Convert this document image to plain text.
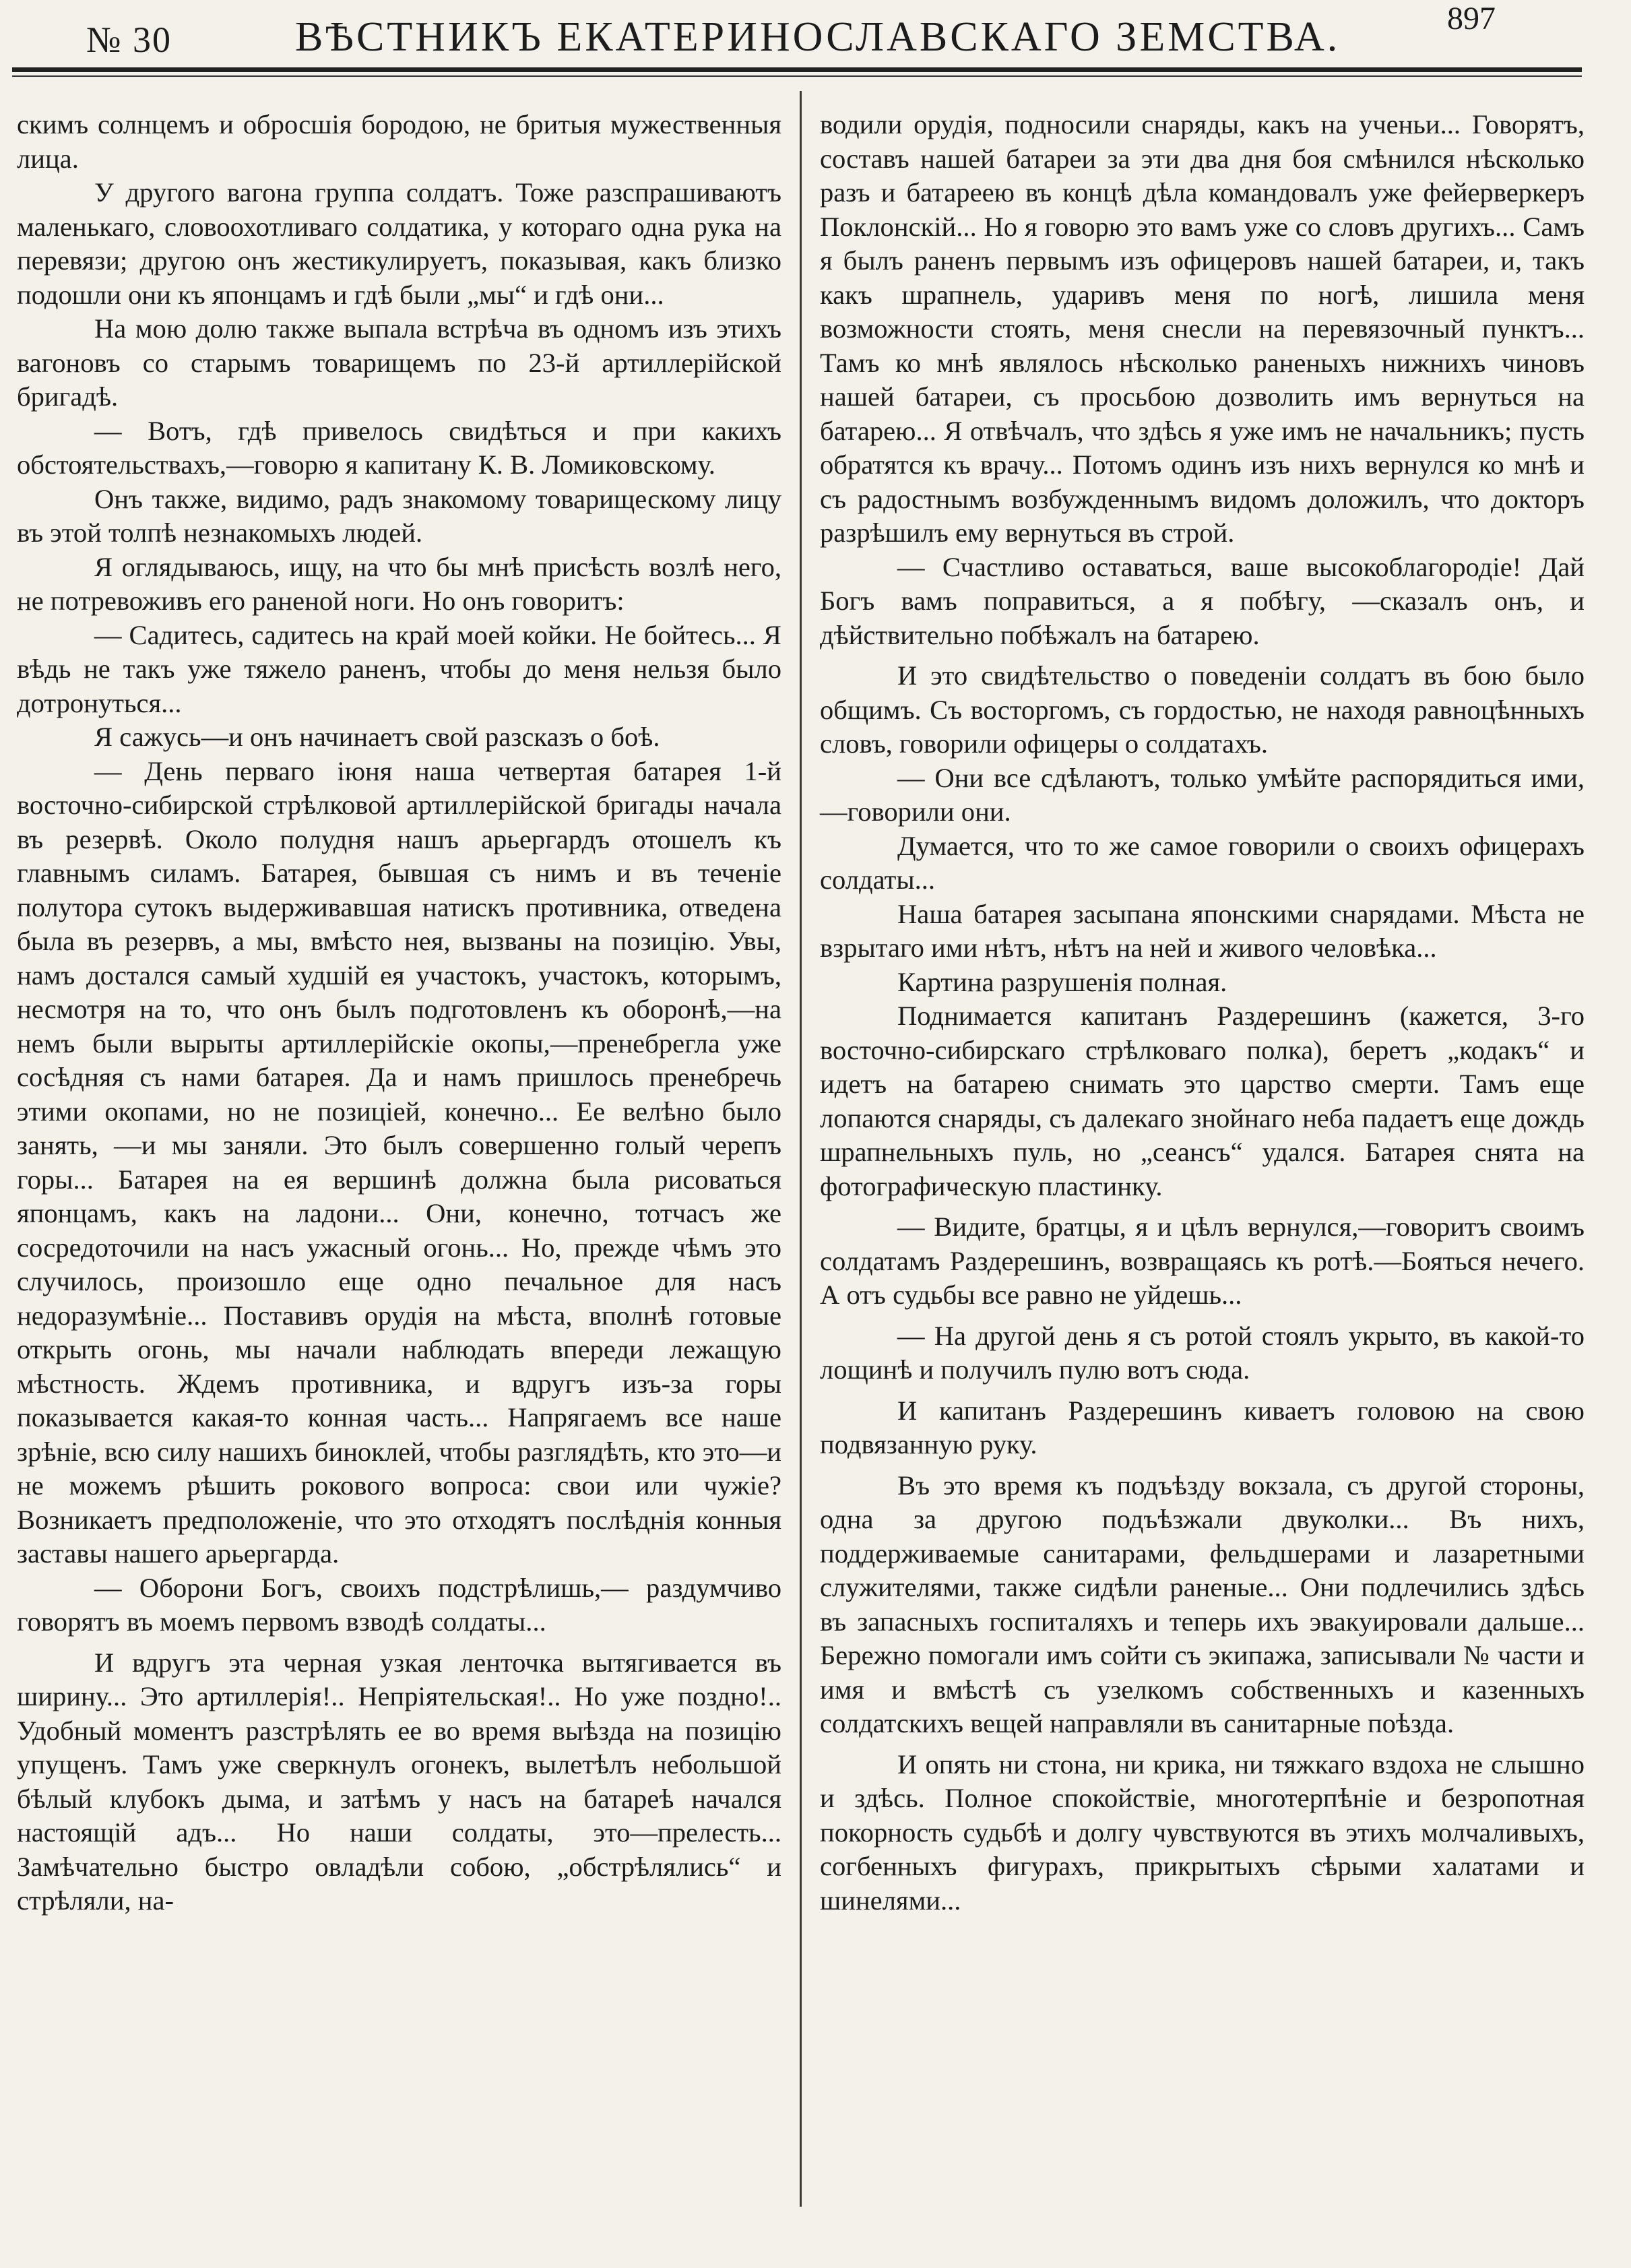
№ 30	ВѢСТНИКЪ ЕКАТЕРИНОСЛАВСКАГО ЗЕМСТВА.	897

скимъ солнцемъ и обросшія бородою, не бритыя мужественныя лица.

У другого вагона группа солдатъ. Тоже разспрашиваютъ маленькаго, словоохотливаго солдатика, у котораго одна рука на перевязи; другою онъ жестикулируетъ, показывая, какъ близко подошли они къ японцамъ и гдѣ были „мы“ и гдѣ они...

На мою долю также выпала встрѣча въ одномъ изъ этихъ вагоновъ со старымъ товарищемъ по 23-й артиллерійской бригадѣ.

— Вотъ, гдѣ привелось свидѣться и при какихъ обстоятельствахъ,—говорю я капитану К. В. Ломиковскому.

Онъ также, видимо, радъ знакомому товарищескому лицу въ этой толпѣ незнакомыхъ людей.

Я оглядываюсь, ищу, на что бы мнѣ присѣсть возлѣ него, не потревоживъ его раненой ноги. Но онъ говоритъ:

— Садитесь, садитесь на край моей койки. Не бойтесь... Я вѣдь не такъ уже тяжело раненъ, чтобы до меня нельзя было дотронуться...

Я сажусь—и онъ начинаетъ свой разсказъ о боѣ.

— День перваго іюня наша четвертая батарея 1-й восточно-сибирской стрѣлковой артиллерійской бригады начала въ резервѣ. Около полудня нашъ арьергардъ отошелъ къ главнымъ силамъ. Батарея, бывшая съ нимъ и въ теченіе полутора сутокъ выдерживавшая натискъ противника, отведена была въ резервъ, а мы, вмѣсто нея, вызваны на позицію. Увы, намъ достался самый худшій ея участокъ, участокъ, которымъ, несмотря на то, что онъ былъ подготовленъ къ оборонѣ,—на немъ были вырыты артиллерійскіе окопы,—пренебрегла уже сосѣдняя съ нами батарея. Да и намъ пришлось пренебречь этими окопами, но не позиціей, конечно... Ее велѣно было занять, —и мы заняли. Это былъ совершенно голый черепъ горы... Батарея на ея вершинѣ должна была рисоваться японцамъ, какъ на ладони... Они, конечно, тотчасъ же сосредоточили на насъ ужасный огонь... Но, прежде чѣмъ это случилось, произошло еще одно печальное для насъ недоразумѣніе... Поставивъ орудія на мѣста, вполнѣ готовые открыть огонь, мы начали наблюдать впереди лежащую мѣстность. Ждемъ противника, и вдругъ изъ-за горы показывается какая-то конная часть... Напрягаемъ все наше зрѣніе, всю силу нашихъ биноклей, чтобы разглядѣть, кто это—и не можемъ рѣшить рокового вопроса: свои или чужіе? Возникаетъ предположеніе, что это отходятъ послѣднія конныя заставы нашего арьергарда.

— Оборони Богъ, своихъ подстрѣлишь,— раздумчиво говорятъ въ моемъ первомъ взводѣ солдаты...

И вдругъ эта черная узкая ленточка вытягивается въ ширину... Это артиллерія!.. Непріятельская!.. Но уже поздно!.. Удобный моментъ разстрѣлять ее во время выѣзда на позицію упущенъ. Тамъ уже сверкнулъ огонекъ, вылетѣлъ небольшой бѣлый клубокъ дыма, и затѣмъ у насъ на батареѣ начался настоящій адъ... Но наши солдаты, это—прелесть... Замѣчательно быстро овладѣли собою, „обстрѣлялись“ и стрѣляли, на-

водили орудія, подносили снаряды, какъ на ученьи... Говорятъ, составъ нашей батареи за эти два дня боя смѣнился нѣсколько разъ и батареею въ концѣ дѣла командовалъ уже фейерверкеръ Поклонскій... Но я говорю это вамъ уже со словъ другихъ... Самъ я былъ раненъ первымъ изъ офицеровъ нашей батареи, и, такъ какъ шрапнель, ударивъ меня по ногѣ, лишила меня возможности стоять, меня снесли на перевязочный пунктъ... Тамъ ко мнѣ являлось нѣсколько раненыхъ нижнихъ чиновъ нашей батареи, съ просьбою дозволить имъ вернуться на батарею... Я отвѣчалъ, что здѣсь я уже имъ не начальникъ; пусть обратятся къ врачу... Потомъ одинъ изъ нихъ вернулся ко мнѣ и съ радостнымъ возбужденнымъ видомъ доложилъ, что докторъ разрѣшилъ ему вернуться въ строй.

— Счастливо оставаться, ваше высокоблагородіе! Дай Богъ вамъ поправиться, а я побѣгу, —сказалъ онъ, и дѣйствительно побѣжалъ на батарею.

И это свидѣтельство о поведеніи солдатъ въ бою было общимъ. Съ восторгомъ, съ гордостью, не находя равноцѣнныхъ словъ, говорили офицеры о солдатахъ.

— Они все сдѣлаютъ, только умѣйте распорядиться ими,—говорили они.

Думается, что то же самое говорили о своихъ офицерахъ солдаты...

Наша батарея засыпана японскими снарядами. Мѣста не взрытаго ими нѣтъ, нѣтъ на ней и живого человѣка...

Картина разрушенія полная.

Поднимается капитанъ Раздерешинъ (кажется, 3-го восточно-сибирскаго стрѣлковаго полка), беретъ „кодакъ“ и идетъ на батарею снимать это царство смерти. Тамъ еще лопаются снаряды, съ далекаго знойнаго неба падаетъ еще дождь шрапнельныхъ пуль, но „сеансъ“ удался. Батарея снята на фотографическую пластинку.

— Видите, братцы, я и цѣлъ вернулся,—говоритъ своимъ солдатамъ Раздерешинъ, возвращаясь къ ротѣ.—Бояться нечего. А отъ судьбы все равно не уйдешь...

— На другой день я съ ротой стоялъ укрыто, въ какой-то лощинѣ и получилъ пулю вотъ сюда.

И капитанъ Раздерешинъ киваетъ головою на свою подвязанную руку.

Въ это время къ подъѣзду вокзала, съ другой стороны, одна за другою подъѣзжали двуколки... Въ нихъ, поддерживаемые санитарами, фельдшерами и лазаретными служителями, также сидѣли раненые... Они подлечились здѣсь въ запасныхъ госпиталяхъ и теперь ихъ эвакуировали дальше... Бережно помогали имъ сойти съ экипажа, записывали № части и имя и вмѣстѣ съ узелкомъ собственныхъ и казенныхъ солдатскихъ вещей направляли въ санитарные поѣзда.

И опять ни стона, ни крика, ни тяжкаго вздоха не слышно и здѣсь. Полное спокойствіе, многотерпѣніе и безропотная покорность судьбѣ и долгу чувствуются въ этихъ молчаливыхъ, согбенныхъ фигурахъ, прикрытыхъ сѣрыми халатами и шинелями...
